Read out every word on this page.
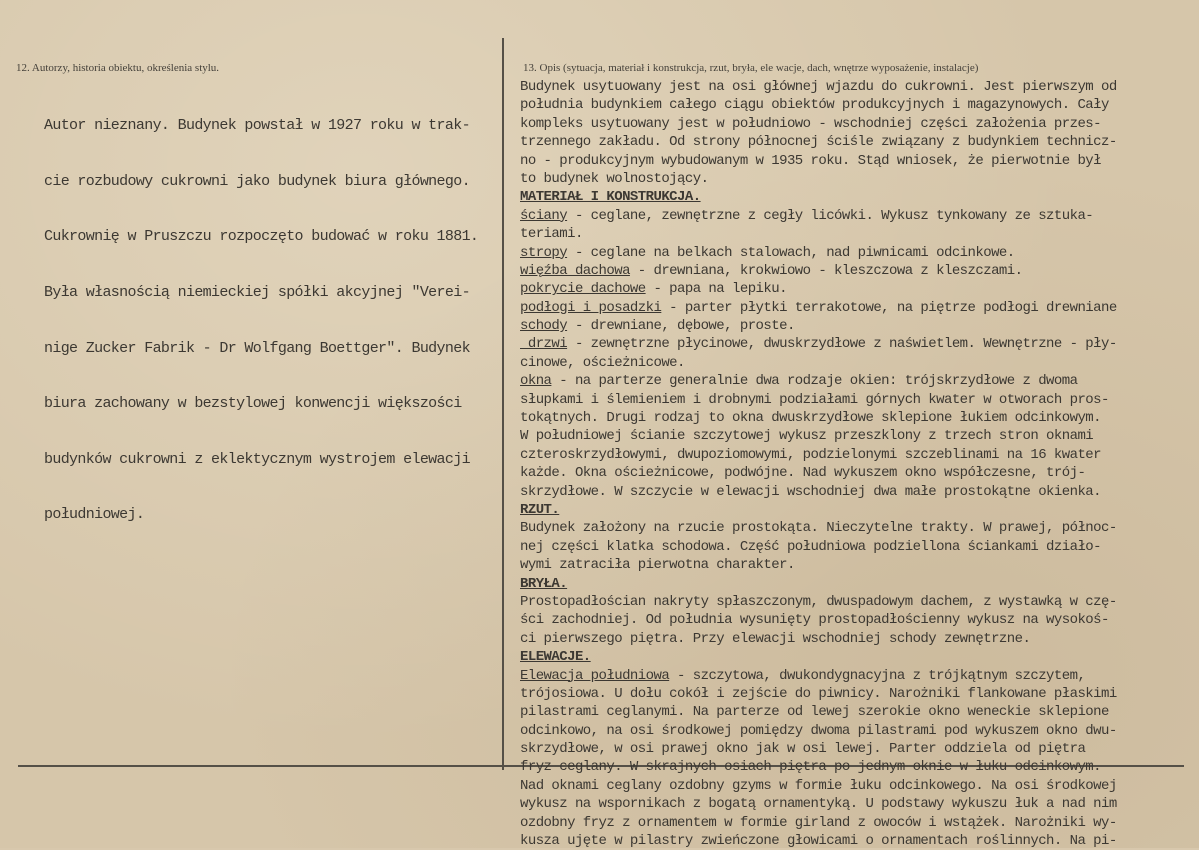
12. Autorzy, historia obiektu, określenia stylu.	13. Opis (sytuacja, materiał i konstrukcja, rzut, bryła, ele wacje, dach, wnętrze wyposażenie, instalacje)

Autor nieznany. Budynek powstał w 1927 roku w trak-

cie rozbudowy cukrowni jako budynek biura głównego.

Cukrownię w Pruszczu rozpoczęto budować w roku 1881.

Była własnością niemieckiej spółki akcyjnej "Verei-

nige Zucker Fabrik - Dr Wolfgang Boettger". Budynek

biura zachowany w bezstylowej konwencji większości

budynków cukrowni z eklektycznym wystrojem elewacji

południowej.

Budynek usytuowany jest na osi głównej wjazdu do cukrowni. Jest pierwszym od
południa budynkiem całego ciągu obiektów produkcyjnych i magazynowych. Cały
kompleks usytuowany jest w południowo - wschodniej części założenia przes-
trzennego zakładu. Od strony północnej ściśle związany z budynkiem technicz-
no - produkcyjnym wybudowanym w 1935 roku. Stąd wniosek, że pierwotnie był
to budynek wolnostojący.
MATERIAŁ I KONSTRUKCJA.
ściany - ceglane, zewnętrzne z cegły licówki. Wykusz tynkowany ze sztuka-
teriami.
stropy - ceglane na belkach stalowach, nad piwnicami odcinkowe.
więźba dachowa - drewniana, krokwiowo - kleszczowa z kleszczami.
pokrycie dachowe - papa na lepiku.
podłogi i posadzki - parter płytki terrakotowe, na piętrze podłogi drewniane
schody - drewniane, dębowe, proste.
drzwi - zewnętrzne płycinowe, dwuskrzydłowe z naświetlem. Wewnętrzne - pły-
cinowe, ościeżnicowe.
okna - na parterze generalnie dwa rodzaje okien: trójskrzydłowe z dwoma
słupkami i ślemieniem i drobnymi podziałami górnych kwater w otworach pros-
tokątnych. Drugi rodzaj to okna dwuskrzydłowe sklepione łukiem odcinkowym.
W południowej ścianie szczytowej wykusz przeszklony z trzech stron oknami
czteroskrzydłowymi, dwupoziomowymi, podzielonymi szczeblinami na 16 kwater
każde. Okna ościeżnicowe, podwójne. Nad wykuszem okno współczesne, trój-
skrzydłowe. W szczycie w elewacji wschodniej dwa małe prostokątne okienka.
RZUT.
Budynek założony na rzucie prostokąta. Nieczytelne trakty. W prawej, północ-
nej części klatka schodowa. Część południowa podziellona ściankami działo-
wymi zatraciła pierwotna charakter.
BRYŁA.
Prostopadłościan nakryty spłaszczonym, dwuspadowym dachem, z wystawką w czę-
ści zachodniej. Od południa wysunięty prostopadłościenny wykusz na wysokoś-
ci pierwszego piętra. Przy elewacji wschodniej schody zewnętrzne.
ELEWACJE.
Elewacja południowa - szczytowa, dwukondygnacyjna z trójkątnym szczytem,
trójosiowa. U dołu cokół i zejście do piwnicy. Narożniki flankowane płaskimi
pilastrami ceglanymi. Na parterze od lewej szerokie okno weneckie sklepione
odcinkowo, na osi środkowej pomiędzy dwoma pilastrami pod wykuszem okno dwu-
skrzydłowe, w osi prawej okno jak w osi lewej. Parter oddziela od piętra
fryz ceglany. W skrajnych osiach piętra po jednym oknie w łuku odcinkowym.
Nad oknami ceglany ozdobny gzyms w formie łuku odcinkowego. Na osi środkowej
wykusz na wspornikach z bogatą ornamentyką. U podstawy wykuszu łuk a nad nim
ozdobny fryz z ornamentem w formie girland z owoców i wstążek. Narożniki wy-
kusza ujęte w pilastry zwieńczone głowicami o ornamentach roślinnych. Na pi-
